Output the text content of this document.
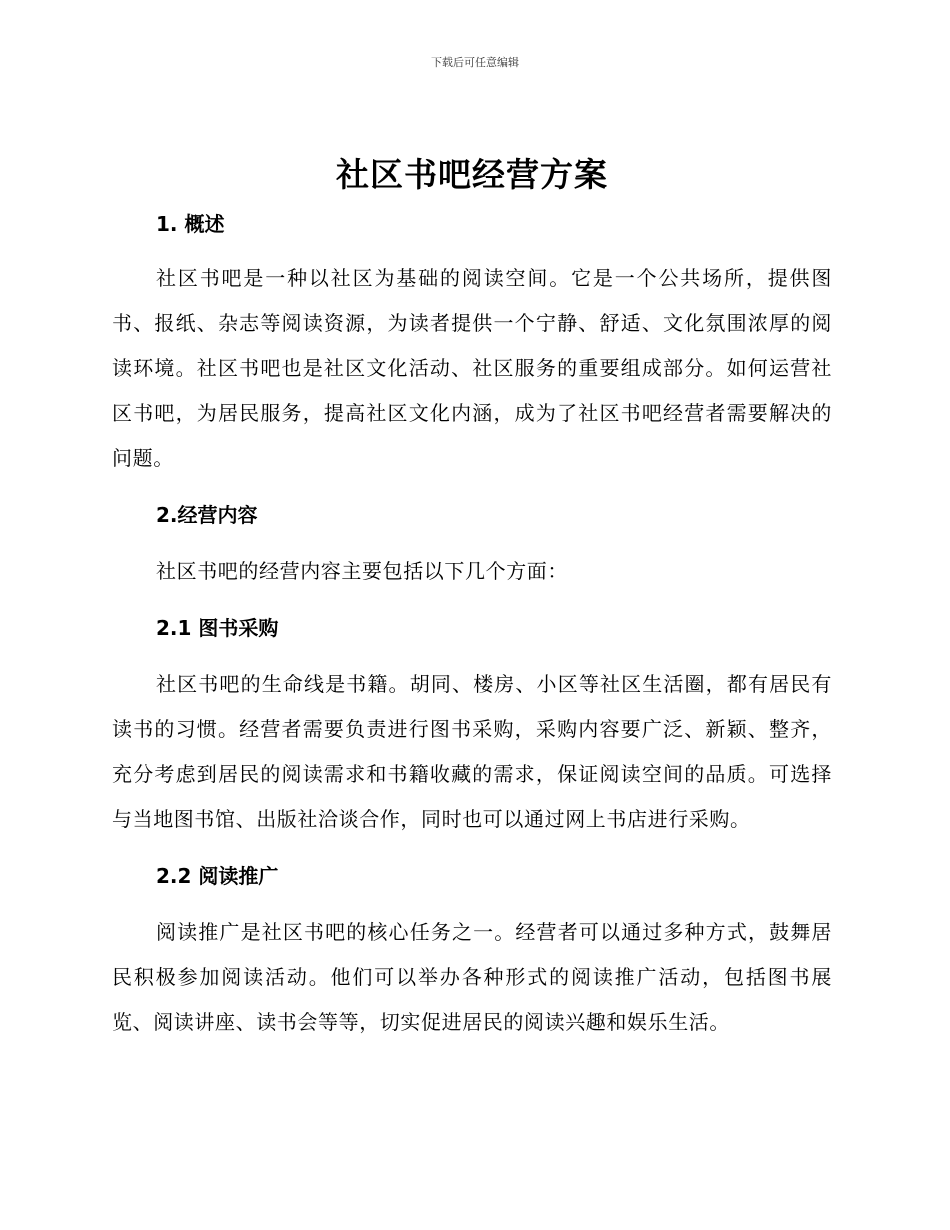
下载后可任意编辑
社区书吧经营方案
1. 概述

社区书吧是一种以社区为基础的阅读空间。它是一个公共场所，提供图书、报纸、杂志等阅读资源，为读者提供一个宁静、舒适、文化氛围浓厚的阅读环境。社区书吧也是社区文化活动、社区服务的重要组成部分。如何运营社区书吧，为居民服务，提高社区文化内涵，成为了社区书吧经营者需要解决的问题。

2.经营内容

社区书吧的经营内容主要包括以下几个方面：

2.1 图书采购

社区书吧的生命线是书籍。胡同、楼房、小区等社区生活圈，都有居民有读书的习惯。经营者需要负责进行图书采购，采购内容要广泛、新颖、整齐，充分考虑到居民的阅读需求和书籍收藏的需求，保证阅读空间的品质。可选择与当地图书馆、出版社洽谈合作，同时也可以通过网上书店进行采购。

2.2 阅读推广

阅读推广是社区书吧的核心任务之一。经营者可以通过多种方式，鼓舞居民积极参加阅读活动。他们可以举办各种形式的阅读推广活动，包括图书展览、阅读讲座、读书会等等，切实促进居民的阅读兴趣和娱乐生活。
